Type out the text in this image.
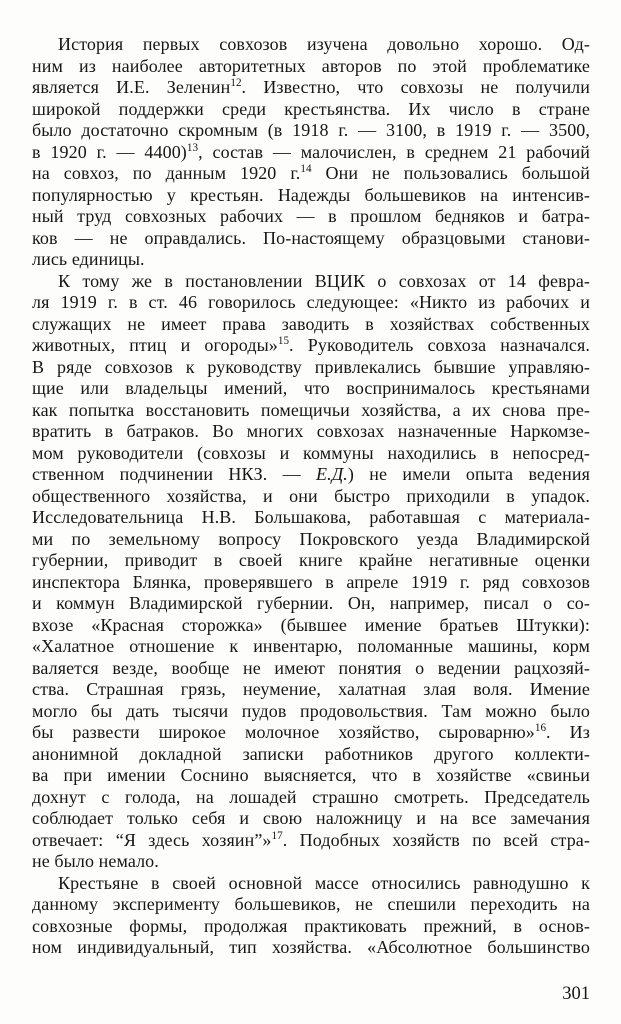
История первых совхозов изучена довольно хорошо. Од-
ним из наиболее авторитетных авторов по этой проблематике
является И.Е. Зеленин$^{12}$. Известно, что совхозы не получили
широкой поддержки среди крестьянства. Их число в стране
было достаточно скромным (в 1918 г. — 3100, в 1919 г. — 3500,
в 1920 г. — 4400)$^{13}$, состав — малочислен, в среднем 21 рабочий
на совхоз, по данным 1920 г.$^{14}$ Они не пользовались большой
популярностью у крестьян. Надежды большевиков на интенсив-
ный труд совхозных рабочих — в прошлом бедняков и батра-
ков — не оправдались. По-настоящему образцовыми станови-
лись единицы.
К тому же в постановлении ВЦИК о совхозах от 14 февра-
ля 1919 г. в ст. 46 говорилось следующее: «Никто из рабочих и
служащих не имеет права заводить в хозяйствах собственных
животных, птиц и огороды»$^{15}$. Руководитель совхоза назначался.
В ряде совхозов к руководству привлекались бывшие управляю-
щие или владельцы имений, что воспринималось крестьянами
как попытка восстановить помещичьи хозяйства, а их снова пре-
вратить в батраков. Во многих совхозах назначенные Наркомзе-
мом руководители (совхозы и коммуны находились в непосред-
ственном подчинении НКЗ. — Е.Д.) не имели опыта ведения
общественного хозяйства, и они быстро приходили в упадок.
Исследовательница Н.В. Большакова, работавшая с материала-
ми по земельному вопросу Покровского уезда Владимирской
губернии, приводит в своей книге крайне негативные оценки
инспектора Блянка, проверявшего в апреле 1919 г. ряд совхозов
и коммун Владимирской губернии. Он, например, писал о со-
вхозе «Красная сторожка» (бывшее имение братьев Штукки):
«Халатное отношение к инвентарю, поломанные машины, корм
валяется везде, вообще не имеют понятия о ведении рацхозяй-
ства. Страшная грязь, неумение, халатная злая воля. Имение
могло бы дать тысячи пудов продовольствия. Там можно было
бы развести широкое молочное хозяйство, сыроварню»$^{16}$. Из
анонимной докладной записки работников другого коллекти-
ва при имении Соснино выясняется, что в хозяйстве «свиньи
дохнут с голода, на лошадей страшно смотреть. Председатель
соблюдает только себя и свою наложницу и на все замечания
отвечает: “Я здесь хозяин”»$^{17}$. Подобных хозяйств по всей стра-
не было немало.
Крестьяне в своей основной массе относились равнодушно к
данному эксперименту большевиков, не спешили переходить на
совхозные формы, продолжая практиковать прежний, в основ-
ном индивидуальный, тип хозяйства. «Абсолютное большинство
301
